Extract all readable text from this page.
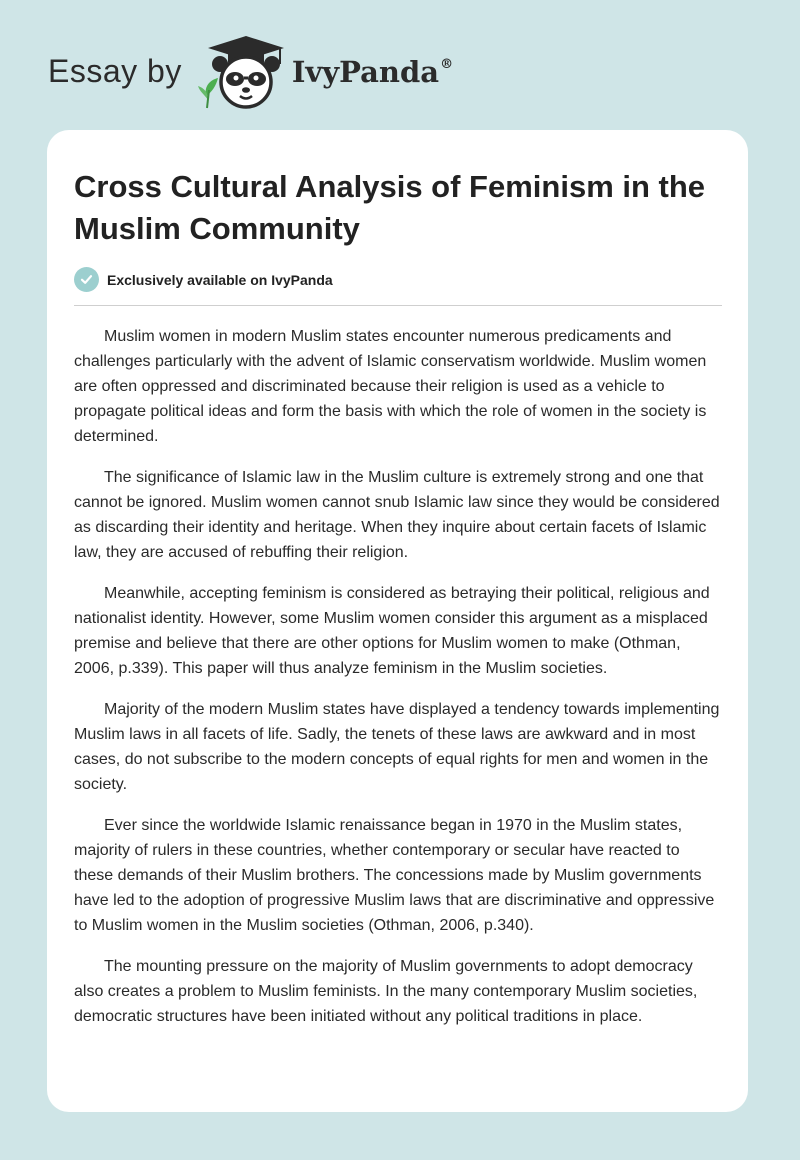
Essay by	IvyPanda®
Cross Cultural Analysis of Feminism in the Muslim Community
Exclusively available on IvyPanda

Muslim women in modern Muslim states encounter numerous predicaments and challenges particularly with the advent of Islamic conservatism worldwide. Muslim women are often oppressed and discriminated because their religion is used as a vehicle to propagate political ideas and form the basis with which the role of women in the society is determined.

The significance of Islamic law in the Muslim culture is extremely strong and one that cannot be ignored. Muslim women cannot snub Islamic law since they would be considered as discarding their identity and heritage. When they inquire about certain facets of Islamic law, they are accused of rebuffing their religion.

Meanwhile, accepting feminism is considered as betraying their political, religious and nationalist identity. However, some Muslim women consider this argument as a misplaced premise and believe that there are other options for Muslim women to make (Othman, 2006, p.339). This paper will thus analyze feminism in the Muslim societies.

Majority of the modern Muslim states have displayed a tendency towards implementing Muslim laws in all facets of life. Sadly, the tenets of these laws are awkward and in most cases, do not subscribe to the modern concepts of equal rights for men and women in the society.

Ever since the worldwide Islamic renaissance began in 1970 in the Muslim states, majority of rulers in these countries, whether contemporary or secular have reacted to these demands of their Muslim brothers. The concessions made by Muslim governments have led to the adoption of progressive Muslim laws that are discriminative and oppressive to Muslim women in the Muslim societies (Othman, 2006, p.340).

The mounting pressure on the majority of Muslim governments to adopt democracy also creates a problem to Muslim feminists. In the many contemporary Muslim societies, democratic structures have been initiated without any political traditions in place.
